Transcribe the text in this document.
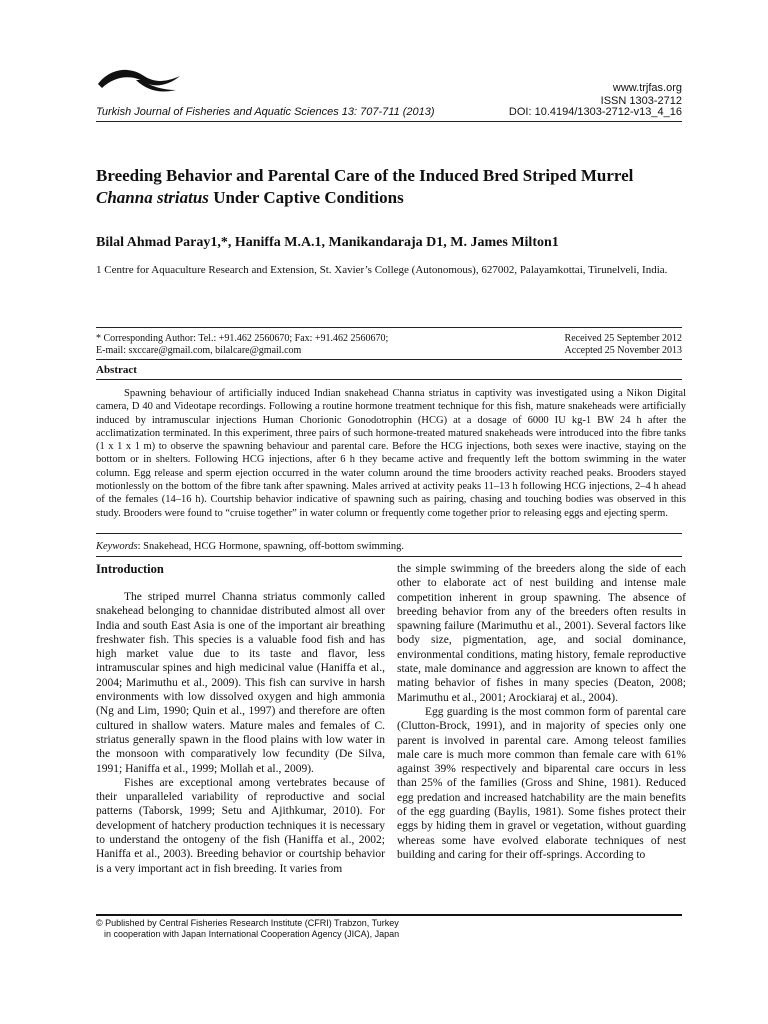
www.trjfas.org
ISSN 1303-2712
Turkish Journal of Fisheries and Aquatic Sciences 13: 707-711 (2013)	DOI: 10.4194/1303-2712-v13_4_16
Breeding Behavior and Parental Care of the Induced Bred Striped Murrel
Channa striatus Under Captive Conditions
Bilal Ahmad Paray1,*, Haniffa M.A.1, Manikandaraja D1, M. James Milton1
1 Centre for Aquaculture Research and Extension, St. Xavier’s College (Autonomous), 627002, Palayamkottai, Tirunelveli, India.
* Corresponding Author: Tel.: +91.462 2560670; Fax: +91.462 2560670;
E-mail: sxccare@gmail.com, bilalcare@gmail.com
Received 25 September 2012
Accepted 25 November 2013
Abstract

Spawning behaviour of artificially induced Indian snakehead Channa striatus in captivity was investigated using a Nikon Digital camera, D 40 and Videotape recordings. Following a routine hormone treatment technique for this fish, mature snakeheads were artificially induced by intramuscular injections Human Chorionic Gonodotrophin (HCG) at a dosage of 6000 IU kg-1 BW 24 h after the acclimatization terminated. In this experiment, three pairs of such hormone-treated matured snakeheads were introduced into the fibre tanks (1 x 1 x 1 m) to observe the spawning behaviour and parental care. Before the HCG injections, both sexes were inactive, staying on the bottom or in shelters. Following HCG injections, after 6 h they became active and frequently left the bottom swimming in the water column. Egg release and sperm ejection occurred in the water column around the time brooders activity reached peaks. Brooders stayed motionlessly on the bottom of the fibre tank after spawning. Males arrived at activity peaks 11–13 h following HCG injections, 2–4 h ahead of the females (14–16 h). Courtship behavior indicative of spawning such as pairing, chasing and touching bodies was observed in this study. Brooders were found to “cruise together” in water column or frequently come together prior to releasing eggs and ejecting sperm.

Keywords: Snakehead, HCG Hormone, spawning, off-bottom swimming.
Introduction

The striped murrel Channa striatus commonly called snakehead belonging to channidae distributed almost all over India and south East Asia is one of the important air breathing freshwater fish. This species is a valuable food fish and has high market value due to its taste and flavor, less intramuscular spines and high medicinal value (Haniffa et al., 2004; Marimuthu et al., 2009). This fish can survive in harsh environments with low dissolved oxygen and high ammonia (Ng and Lim, 1990; Quin et al., 1997) and therefore are often cultured in shallow waters. Mature males and females of C. striatus generally spawn in the flood plains with low water in the monsoon with comparatively low fecundity (De Silva, 1991; Haniffa et al., 1999; Mollah et al., 2009).

Fishes are exceptional among vertebrates because of their unparalleled variability of reproductive and social patterns (Taborsk, 1999; Setu and Ajithkumar, 2010). For development of hatchery production techniques it is necessary to understand the ontogeny of the fish (Haniffa et al., 2002; Haniffa et al., 2003). Breeding behavior or courtship behavior is a very important act in fish breeding. It varies from

the simple swimming of the breeders along the side of each other to elaborate act of nest building and intense male competition inherent in group spawning. The absence of breeding behavior from any of the breeders often results in spawning failure (Marimuthu et al., 2001). Several factors like body size, pigmentation, age, and social dominance, environmental conditions, mating history, female reproductive state, male dominance and aggression are known to affect the mating behavior of fishes in many species (Deaton, 2008; Marimuthu et al., 2001; Arockiaraj et al., 2004).

Egg guarding is the most common form of parental care (Clutton-Brock, 1991), and in majority of species only one parent is involved in parental care. Among teleost families male care is much more common than female care with 61% against 39% respectively and biparental care occurs in less than 25% of the families (Gross and Shine, 1981). Reduced egg predation and increased hatchability are the main benefits of the egg guarding (Baylis, 1981). Some fishes protect their eggs by hiding them in gravel or vegetation, without guarding whereas some have evolved elaborate techniques of nest building and caring for their off-springs. According to

© Published by Central Fisheries Research Institute (CFRI) Trabzon, Turkey
in cooperation with Japan International Cooperation Agency (JICA), Japan
